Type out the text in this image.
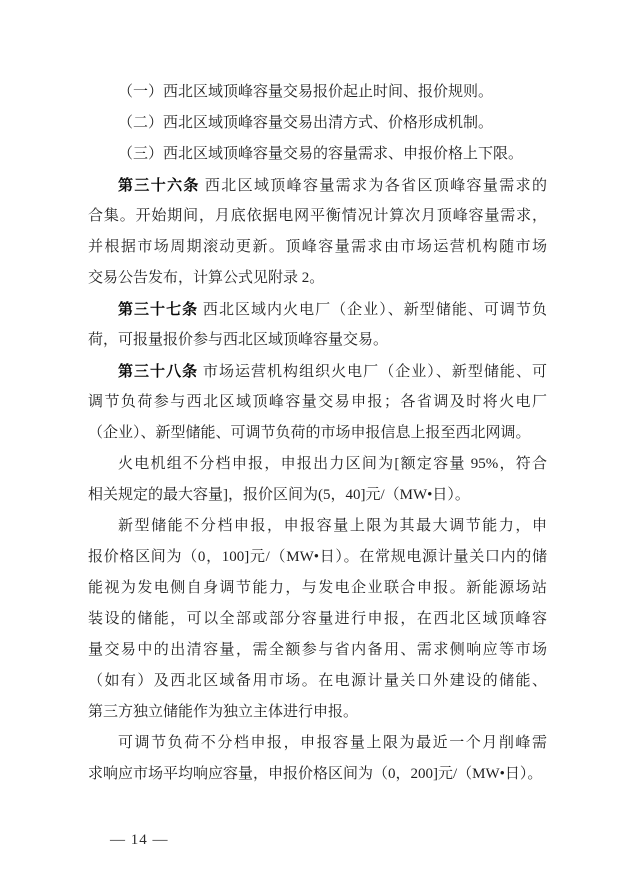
（一）西北区域顶峰容量交易报价起止时间、报价规则。
（二）西北区域顶峰容量交易出清方式、价格形成机制。
（三）西北区域顶峰容量交易的容量需求、申报价格上下限。
第三十六条 西北区域顶峰容量需求为各省区顶峰容量需求的
合集。开始期间，月底依据电网平衡情况计算次月顶峰容量需求，
并根据市场周期滚动更新。顶峰容量需求由市场运营机构随市场
交易公告发布，计算公式见附录 2。
第三十七条 西北区域内火电厂（企业）、新型储能、可调节负
荷，可报量报价参与西北区域顶峰容量交易。
第三十八条 市场运营机构组织火电厂（企业）、新型储能、可
调节负荷参与西北区域顶峰容量交易申报；各省调及时将火电厂
（企业）、新型储能、可调节负荷的市场申报信息上报至西北网调。
火电机组不分档申报，申报出力区间为[额定容量 95%，符合
相关规定的最大容量]，报价区间为(5，40]元/（MW•日）。
新型储能不分档申报，申报容量上限为其最大调节能力，申
报价格区间为（0，100]元/（MW•日）。在常规电源计量关口内的储
能视为发电侧自身调节能力，与发电企业联合申报。新能源场站
装设的储能，可以全部或部分容量进行申报，在西北区域顶峰容
量交易中的出清容量，需全额参与省内备用、需求侧响应等市场
（如有）及西北区域备用市场。在电源计量关口外建设的储能、
第三方独立储能作为独立主体进行申报。
可调节负荷不分档申报，申报容量上限为最近一个月削峰需
求响应市场平均响应容量，申报价格区间为（0，200]元/（MW•日）。
— 14 —
